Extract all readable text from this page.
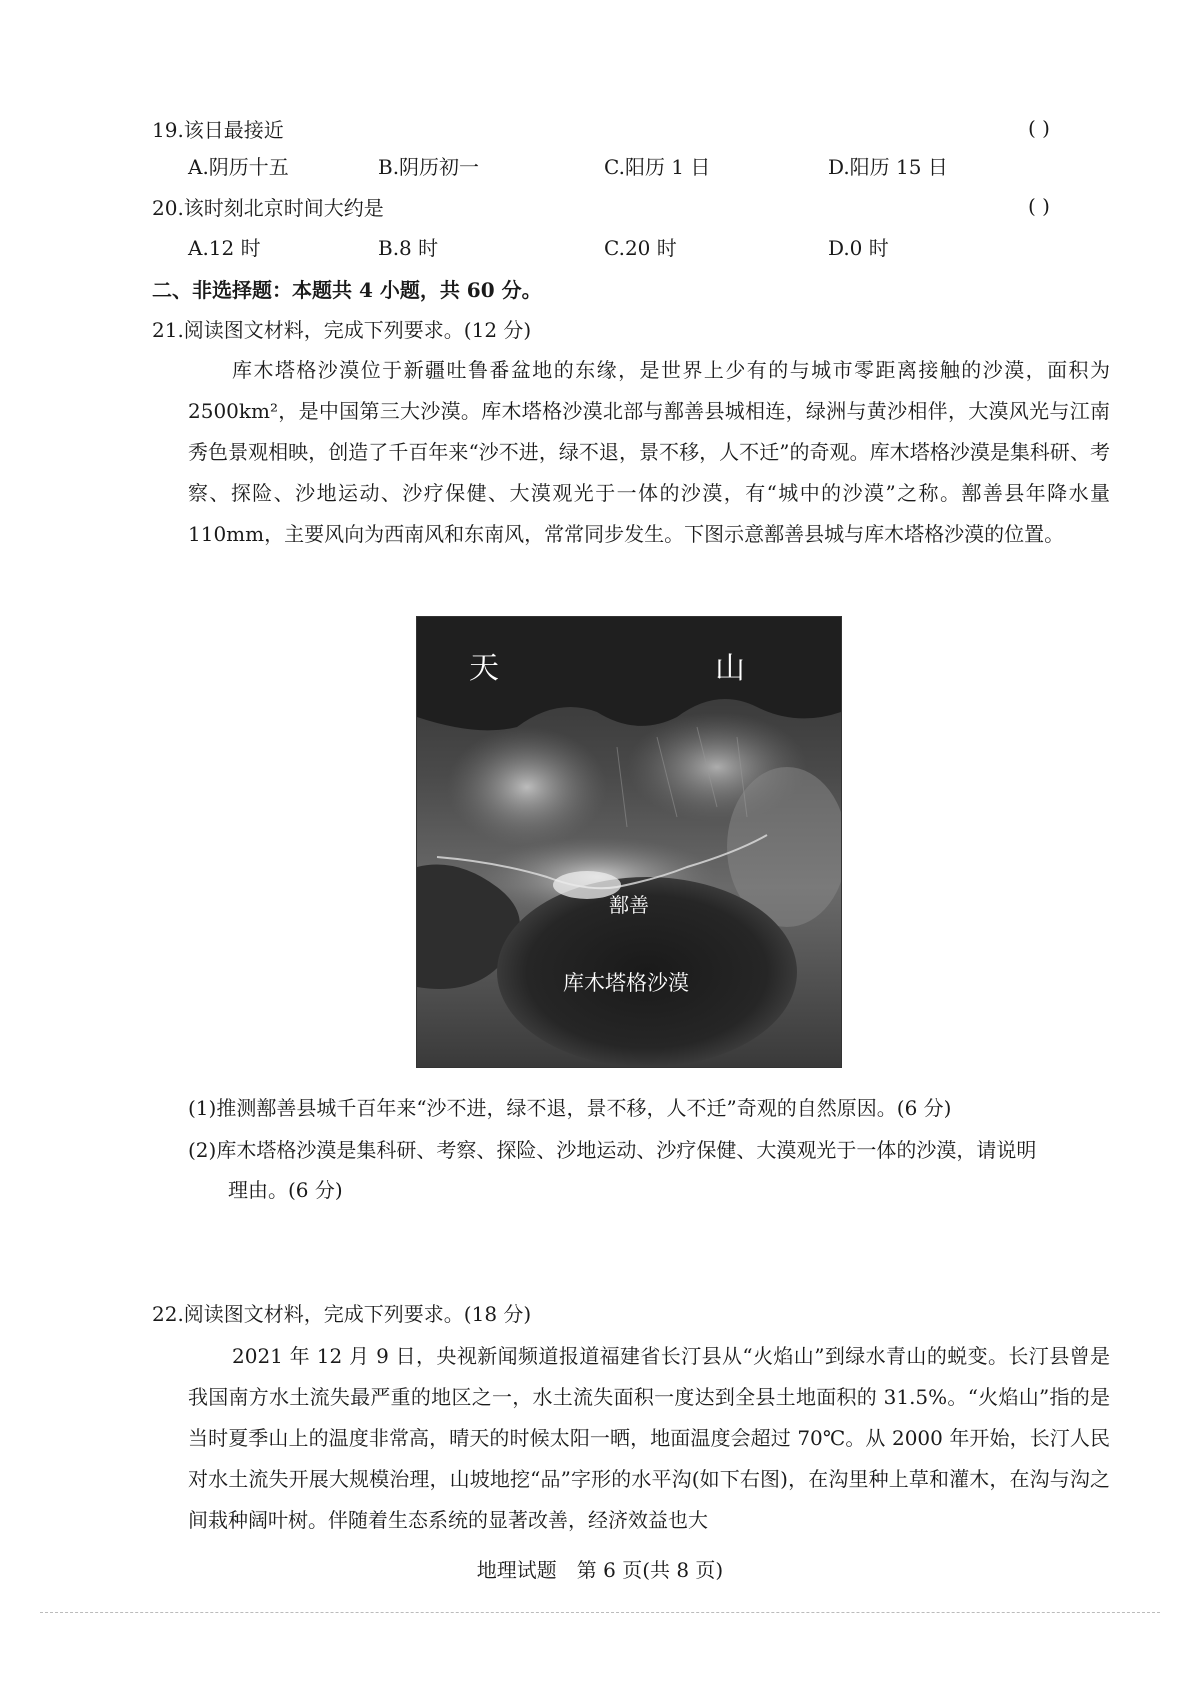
19.该日最接近	( )
A.阴历十五	B.阴历初一	C.阳历 1 日	D.阳历 15 日
20.该时刻北京时间大约是	( )
A.12 时	B.8 时	C.20 时	D.0 时
二、非选择题：本题共 4 小题，共 60 分。
21.阅读图文材料，完成下列要求。(12 分)

库木塔格沙漠位于新疆吐鲁番盆地的东缘，是世界上少有的与城市零距离接触的沙漠，面积为 2500km²，是中国第三大沙漠。库木塔格沙漠北部与鄯善县城相连，绿洲与黄沙相伴，大漠风光与江南秀色景观相映，创造了千百年来“沙不进，绿不退，景不移，人不迁”的奇观。库木塔格沙漠是集科研、考察、探险、沙地运动、沙疗保健、大漠观光于一体的沙漠，有“城中的沙漠”之称。鄯善县年降水量 110mm，主要风向为西南风和东南风，常常同步发生。下图示意鄯善县城与库木塔格沙漠的位置。

天	山
鄯善
库木塔格沙漠
(1)推测鄯善县城千百年来“沙不进，绿不退，景不移，人不迁”奇观的自然原因。(6 分)
(2)库木塔格沙漠是集科研、考察、探险、沙地运动、沙疗保健、大漠观光于一体的沙漠，请说明
理由。(6 分)
22.阅读图文材料，完成下列要求。(18 分)

2021 年 12 月 9 日，央视新闻频道报道福建省长汀县从“火焰山”到绿水青山的蜕变。长汀县曾是我国南方水土流失最严重的地区之一，水土流失面积一度达到全县土地面积的 31.5%。“火焰山”指的是当时夏季山上的温度非常高，晴天的时候太阳一晒，地面温度会超过 70℃。从 2000 年开始，长汀人民对水土流失开展大规模治理，山坡地挖“品”字形的水平沟(如下右图)，在沟里种上草和灌木，在沟与沟之间栽种阔叶树。伴随着生态系统的显著改善，经济效益也大

地理试题　第 6 页(共 8 页)
